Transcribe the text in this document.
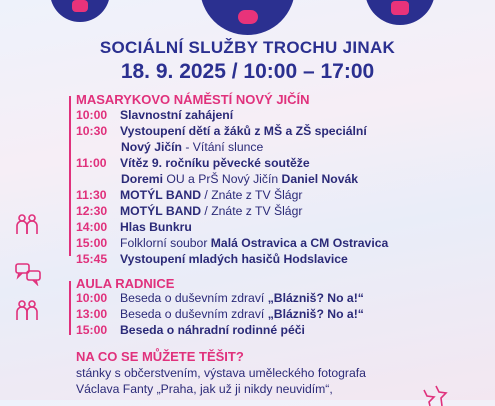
SOCIÁLNÍ SLUŽBY TROCHU JINAK
18. 9. 2025 / 10:00 – 17:00
MASARYKOVO NÁMĚSTÍ NOVÝ JIČÍN
10:00 Slavnostní zahájení
10:30 Vystoupení dětí a žáků z MŠ a ZŠ speciální
Nový Jičín - Vítání slunce
11:00 Vítěz 9. ročníku pěvecké soutěže
Doremi OU a PrŠ Nový Jičín Daniel Novák
11:30 MOTÝL BAND / Znáte z TV Šlágr
12:30 MOTÝL BAND / Znáte z TV Šlágr
14:00 Hlas Bunkru
15:00 Folklorní soubor Malá Ostravica a CM Ostravica
15:45 Vystoupení mladých hasičů Hodslavice
AULA RADNICE
10:00 Beseda o duševním zdraví „Blázniš? No a!“
13:00 Beseda o duševním zdraví „Blázniš? No a!“
15:00 Beseda o náhradní rodinné péči
NA CO SE MŮŽETE TĚŠIT?
stánky s občerstvením, výstava uměleckého fotografa
Václava Fanty „Praha, jak už ji nikdy neuvidím“,
